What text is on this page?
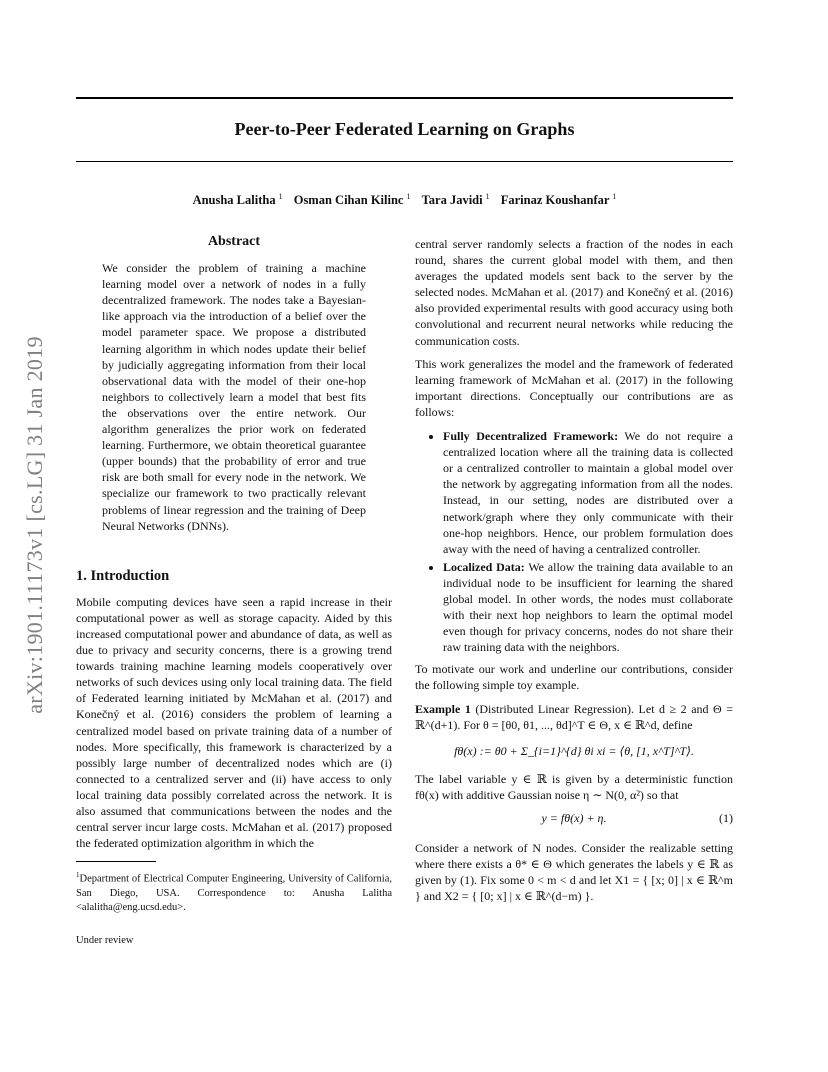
Peer-to-Peer Federated Learning on Graphs
Anusha Lalitha $^1$ Osman Cihan Kilinc $^1$ Tara Javidi $^1$ Farinaz Koushanfar $^1$
arXiv:1901.11173v1 [cs.LG] 31 Jan 2019
Abstract

We consider the problem of training a machine learning model over a network of nodes in a fully decentralized framework. The nodes take a Bayesian-like approach via the introduction of a belief over the model parameter space. We propose a distributed learning algorithm in which nodes update their belief by judicially aggregating information from their local observational data with the model of their one-hop neighbors to collectively learn a model that best fits the observations over the entire network. Our algorithm generalizes the prior work on federated learning. Furthermore, we obtain theoretical guarantee (upper bounds) that the probability of error and true risk are both small for every node in the network. We specialize our framework to two practically relevant problems of linear regression and the training of Deep Neural Networks (DNNs).

1. Introduction

Mobile computing devices have seen a rapid increase in their computational power as well as storage capacity. Aided by this increased computational power and abundance of data, as well as due to privacy and security concerns, there is a growing trend towards training machine learning models cooperatively over networks of such devices using only local training data. The field of Federated learning initiated by McMahan et al. (2017) and Konečný et al. (2016) considers the problem of learning a centralized model based on private training data of a number of nodes. More specifically, this framework is characterized by a possibly large number of decentralized nodes which are (i) connected to a centralized server and (ii) have access to only local training data possibly correlated across the network. It is also assumed that communications between the nodes and the central server incur large costs. McMahan et al. (2017) proposed the federated optimization algorithm in which the

$^1$Department of Electrical Computer Engineering, University of California, San Diego, USA. Correspondence to: Anusha Lalitha <alalitha@eng.ucsd.edu>.
Under review

central server randomly selects a fraction of the nodes in each round, shares the current global model with them, and then averages the updated models sent back to the server by the selected nodes. McMahan et al. (2017) and Konečný et al. (2016) also provided experimental results with good accuracy using both convolutional and recurrent neural networks while reducing the communication costs.

This work generalizes the model and the framework of federated learning framework of McMahan et al. (2017) in the following important directions. Conceptually our contributions are as follows:

• Fully Decentralized Framework: We do not require a centralized location where all the training data is collected or a centralized controller to maintain a global model over the network by aggregating information from all the nodes. Instead, in our setting, nodes are distributed over a network/graph where they only communicate with their one-hop neighbors. Hence, our problem formulation does away with the need of having a centralized controller.
• Localized Data: We allow the training data available to an individual node to be insufficient for learning the shared global model. In other words, the nodes must collaborate with their next hop neighbors to learn the optimal model even though for privacy concerns, nodes do not share their raw training data with the neighbors.

To motivate our work and underline our contributions, consider the following simple toy example.

Example 1 (Distributed Linear Regression). Let d ≥ 2 and Θ = ℝ^(d+1). For θ = [θ0, θ1, ..., θd]^T ∈ Θ, x ∈ ℝ^d, define

fθ(x) := θ0 + Σ_{i=1}^{d} θi xi = ⟨θ, [1, x^T]^T⟩.

The label variable y ∈ ℝ is given by a deterministic function fθ(x) with additive Gaussian noise η ∼ N(0, α²) so that

y = fθ(x) + η.	(1)

Consider a network of N nodes. Consider the realizable setting where there exists a θ* ∈ Θ which generates the labels y ∈ ℝ as given by (1). Fix some 0 < m < d and let X1 = { [x; 0] | x ∈ ℝ^m } and X2 = { [0; x] | x ∈ ℝ^(d−m) }.
